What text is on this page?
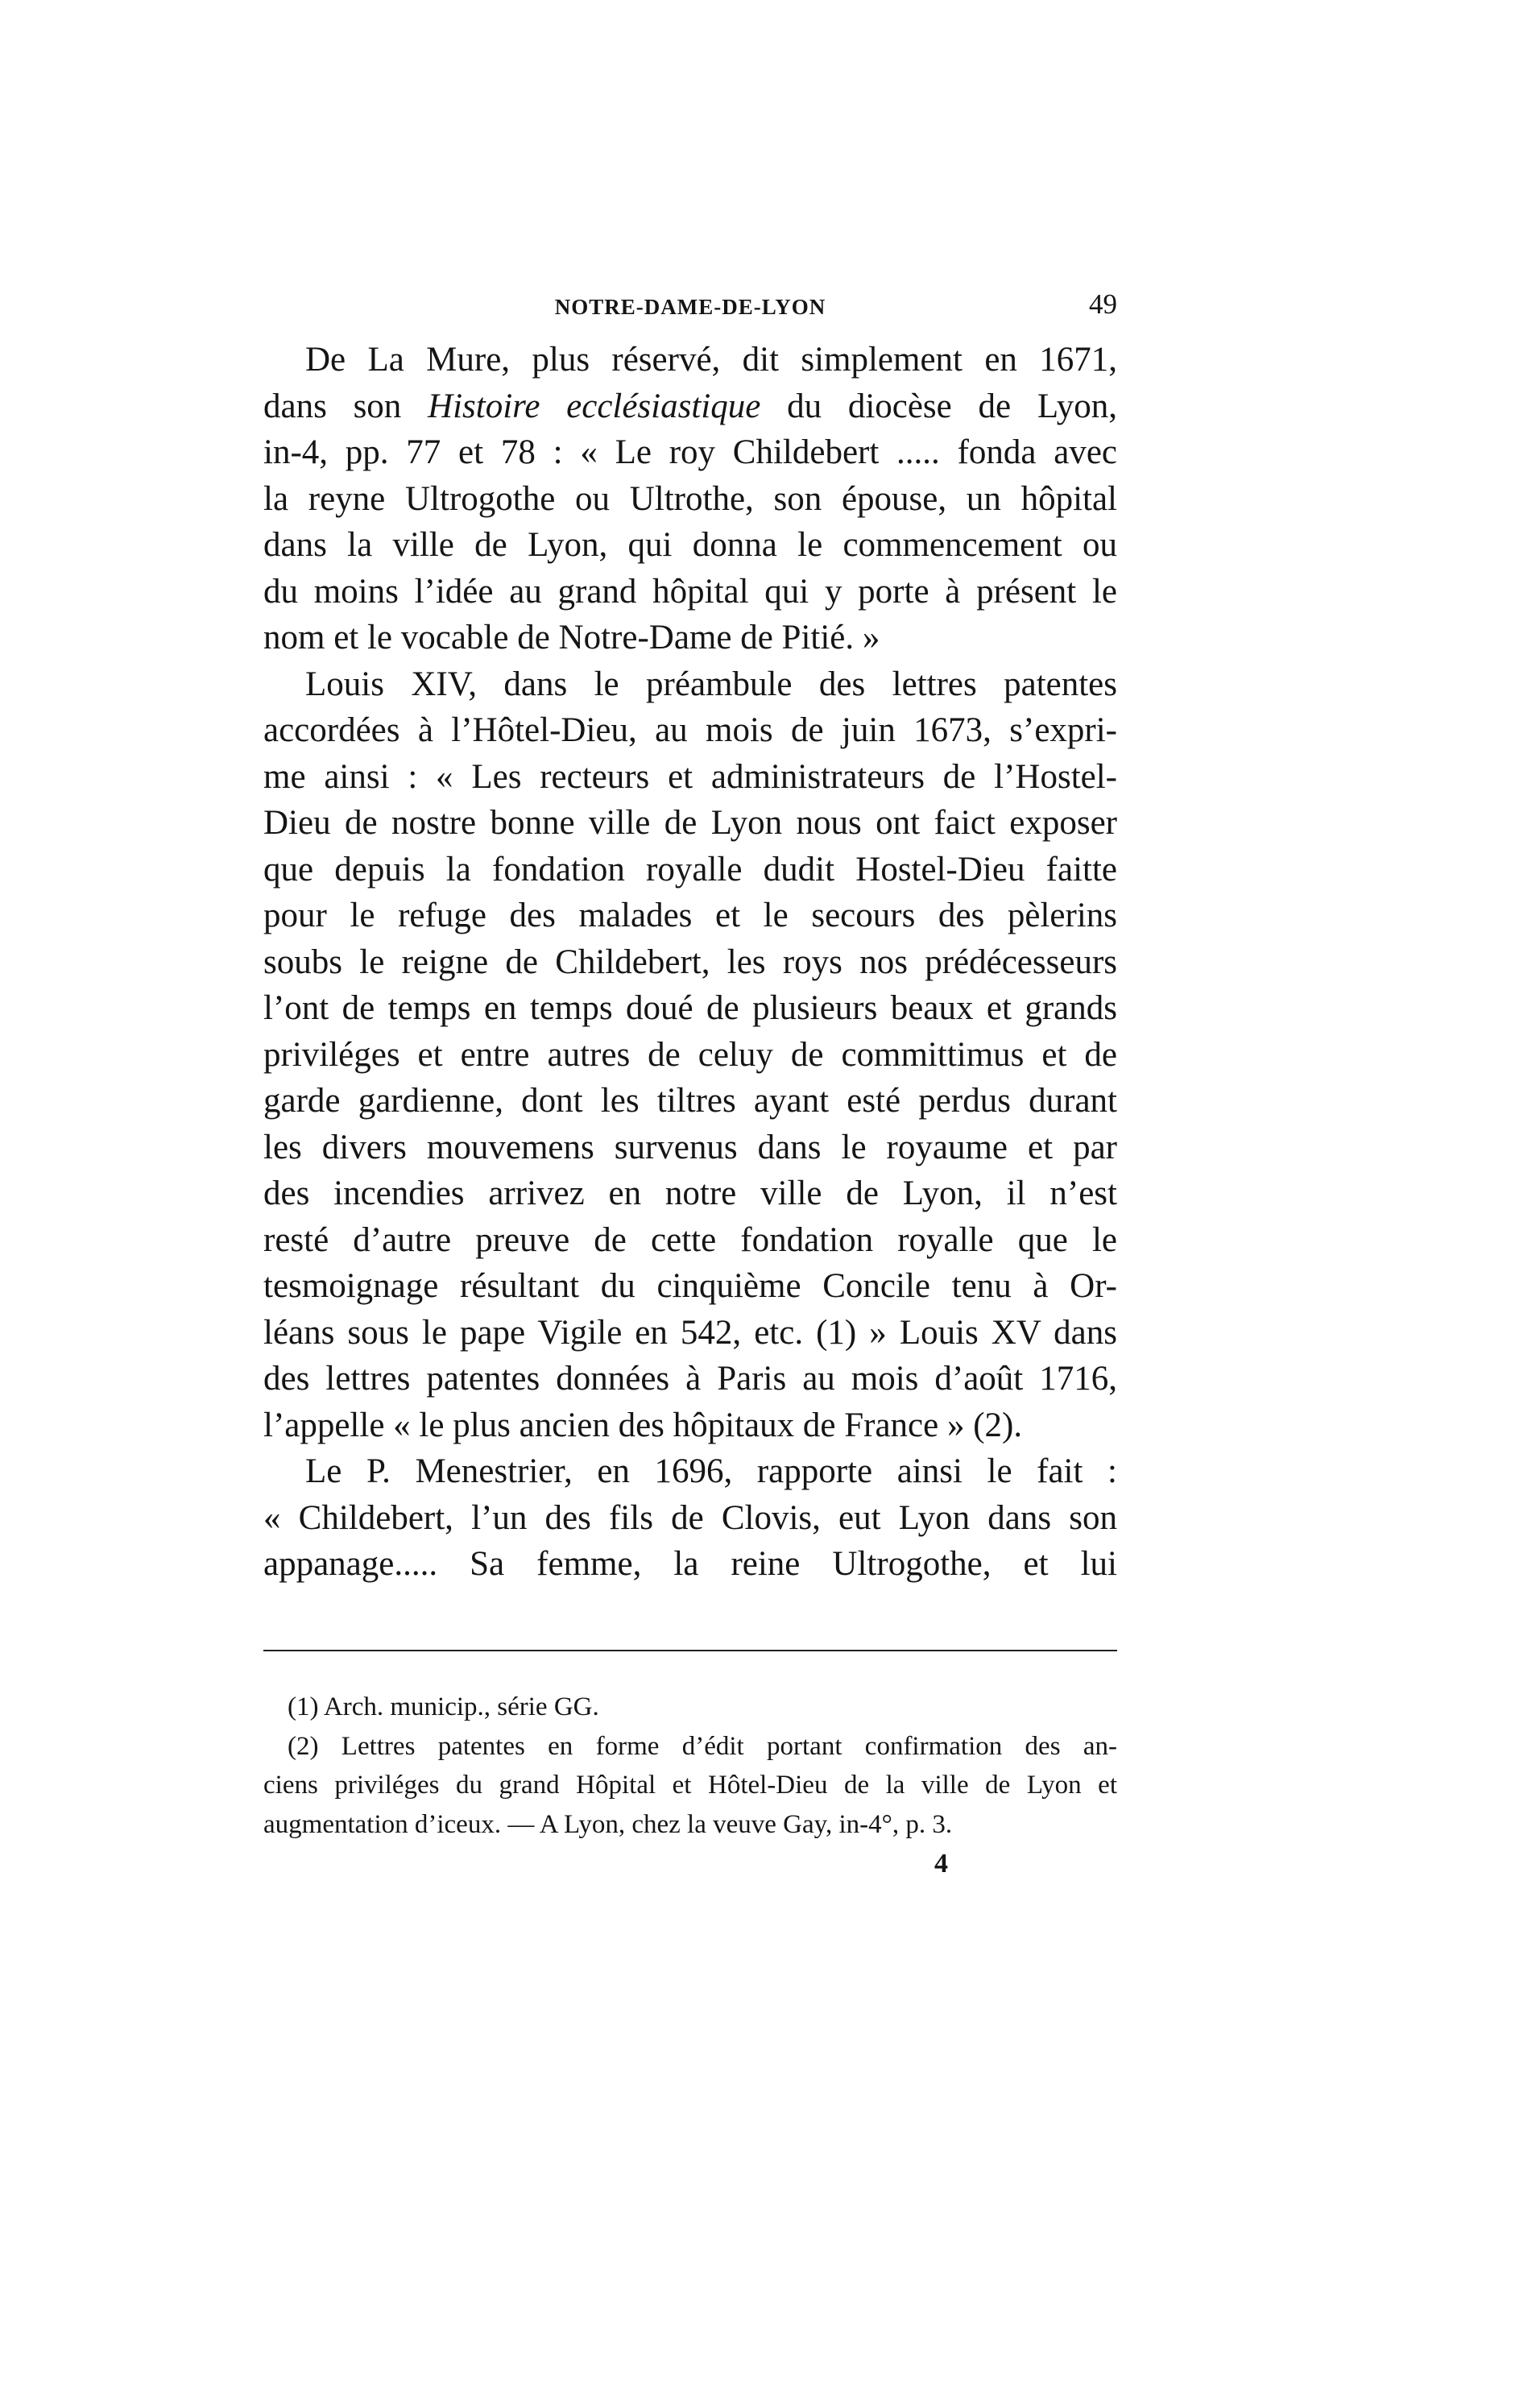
NOTRE-DAME-DE-LYON	49
De La Mure, plus réservé, dit simplement en 1671,
dans son Histoire ecclésiastique du diocèse de Lyon,
in-4, pp. 77 et 78 : « Le roy Childebert ..... fonda avec
la reyne Ultrogothe ou Ultrothe, son épouse, un hôpital
dans la ville de Lyon, qui donna le commencement ou
du moins l’idée au grand hôpital qui y porte à présent le
nom et le vocable de Notre-Dame de Pitié. »
Louis XIV, dans le préambule des lettres patentes
accordées à l’Hôtel-Dieu, au mois de juin 1673, s’expri-
me ainsi : « Les recteurs et administrateurs de l’Hostel-
Dieu de nostre bonne ville de Lyon nous ont faict exposer
que depuis la fondation royalle dudit Hostel-Dieu faitte
pour le refuge des malades et le secours des pèlerins
soubs le reigne de Childebert, les roys nos prédécesseurs
l’ont de temps en temps doué de plusieurs beaux et grands
priviléges et entre autres de celuy de committimus et de
garde gardienne, dont les tiltres ayant esté perdus durant
les divers mouvemens survenus dans le royaume et par
des incendies arrivez en notre ville de Lyon, il n’est
resté d’autre preuve de cette fondation royalle que le
tesmoignage résultant du cinquième Concile tenu à Or-
léans sous le pape Vigile en 542, etc. (1) » Louis XV dans
des lettres patentes données à Paris au mois d’août 1716,
l’appelle « le plus ancien des hôpitaux de France » (2).
Le P. Menestrier, en 1696, rapporte ainsi le fait :
« Childebert, l’un des fils de Clovis, eut Lyon dans son
appanage..... Sa femme, la reine Ultrogothe, et lui
(1) Arch. municip., série GG.
(2) Lettres patentes en forme d’édit portant confirmation des an-
ciens priviléges du grand Hôpital et Hôtel-Dieu de la ville de Lyon et
augmentation d’iceux. — A Lyon, chez la veuve Gay, in-4°, p. 3.
4
